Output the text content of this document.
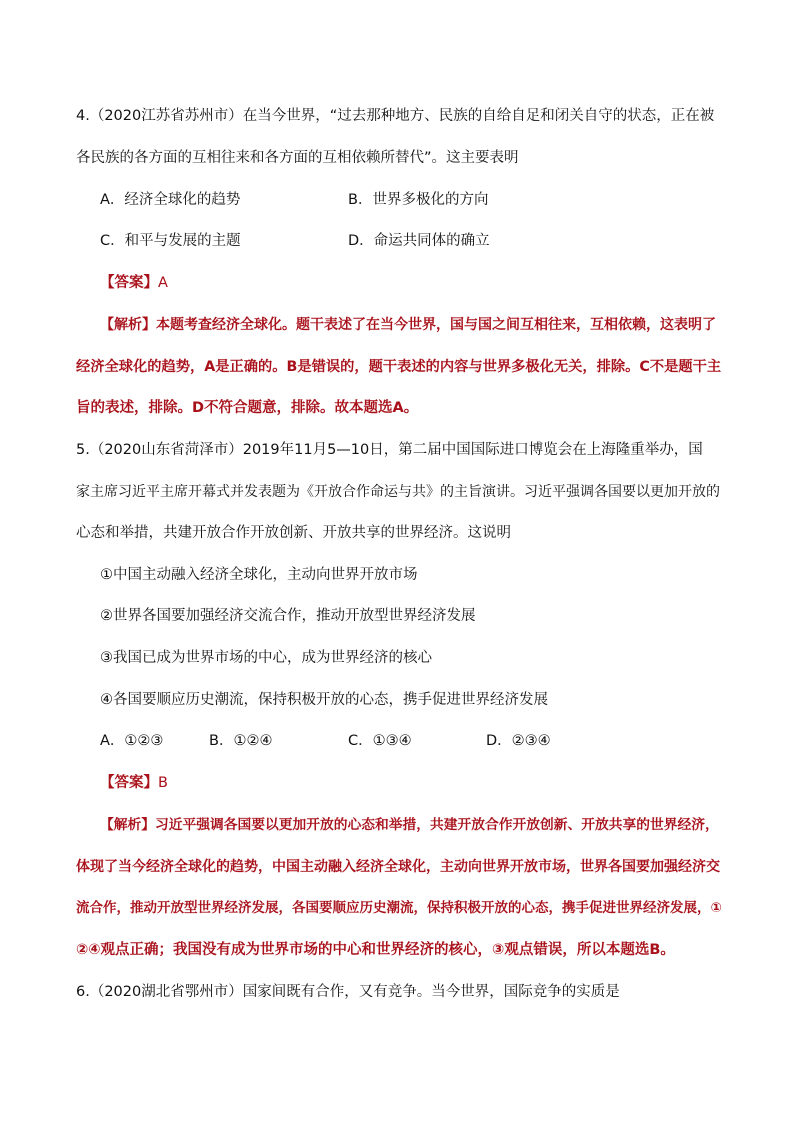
4.（2020江苏省苏州市）在当今世界，“过去那种地方、民族的自给自足和闭关自守的状态，正在被
各民族的各方面的互相往来和各方面的互相依赖所替代”。这主要表明
A．经济全球化的趋势	B．世界多极化的方向
C．和平与发展的主题	D．命运共同体的确立
【答案】A
【解析】本题考查经济全球化。题干表述了在当今世界，国与国之间互相往来，互相依赖，这表明了
经济全球化的趋势，A是正确的。B是错误的，题干表述的内容与世界多极化无关，排除。C不是题干主
旨的表述，排除。D不符合题意，排除。故本题选A。
5.（2020山东省菏泽市）2019年11月5—10日，第二届中国国际进口博览会在上海隆重举办，国
家主席习近平主席开幕式并发表题为《开放合作命运与共》的主旨演讲。习近平强调各国要以更加开放的
心态和举措，共建开放合作开放创新、开放共享的世界经济。这说明
①中国主动融入经济全球化，主动向世界开放市场
②世界各国要加强经济交流合作，推动开放型世界经济发展
③我国已成为世界市场的中心，成为世界经济的核心
④各国要顺应历史潮流，保持积极开放的心态，携手促进世界经济发展
A．①②③	B．①②④	C．①③④	D．②③④
【答案】B
【解析】习近平强调各国要以更加开放的心态和举措，共建开放合作开放创新、开放共享的世界经济，
体现了当今经济全球化的趋势，中国主动融入经济全球化，主动向世界开放市场，世界各国要加强经济交
流合作，推动开放型世界经济发展，各国要顺应历史潮流，保持积极开放的心态，携手促进世界经济发展，①
②④观点正确；我国没有成为世界市场的中心和世界经济的核心，③观点错误，所以本题选B。
6.（2020湖北省鄂州市）国家间既有合作，又有竞争。当今世界，国际竞争的实质是
